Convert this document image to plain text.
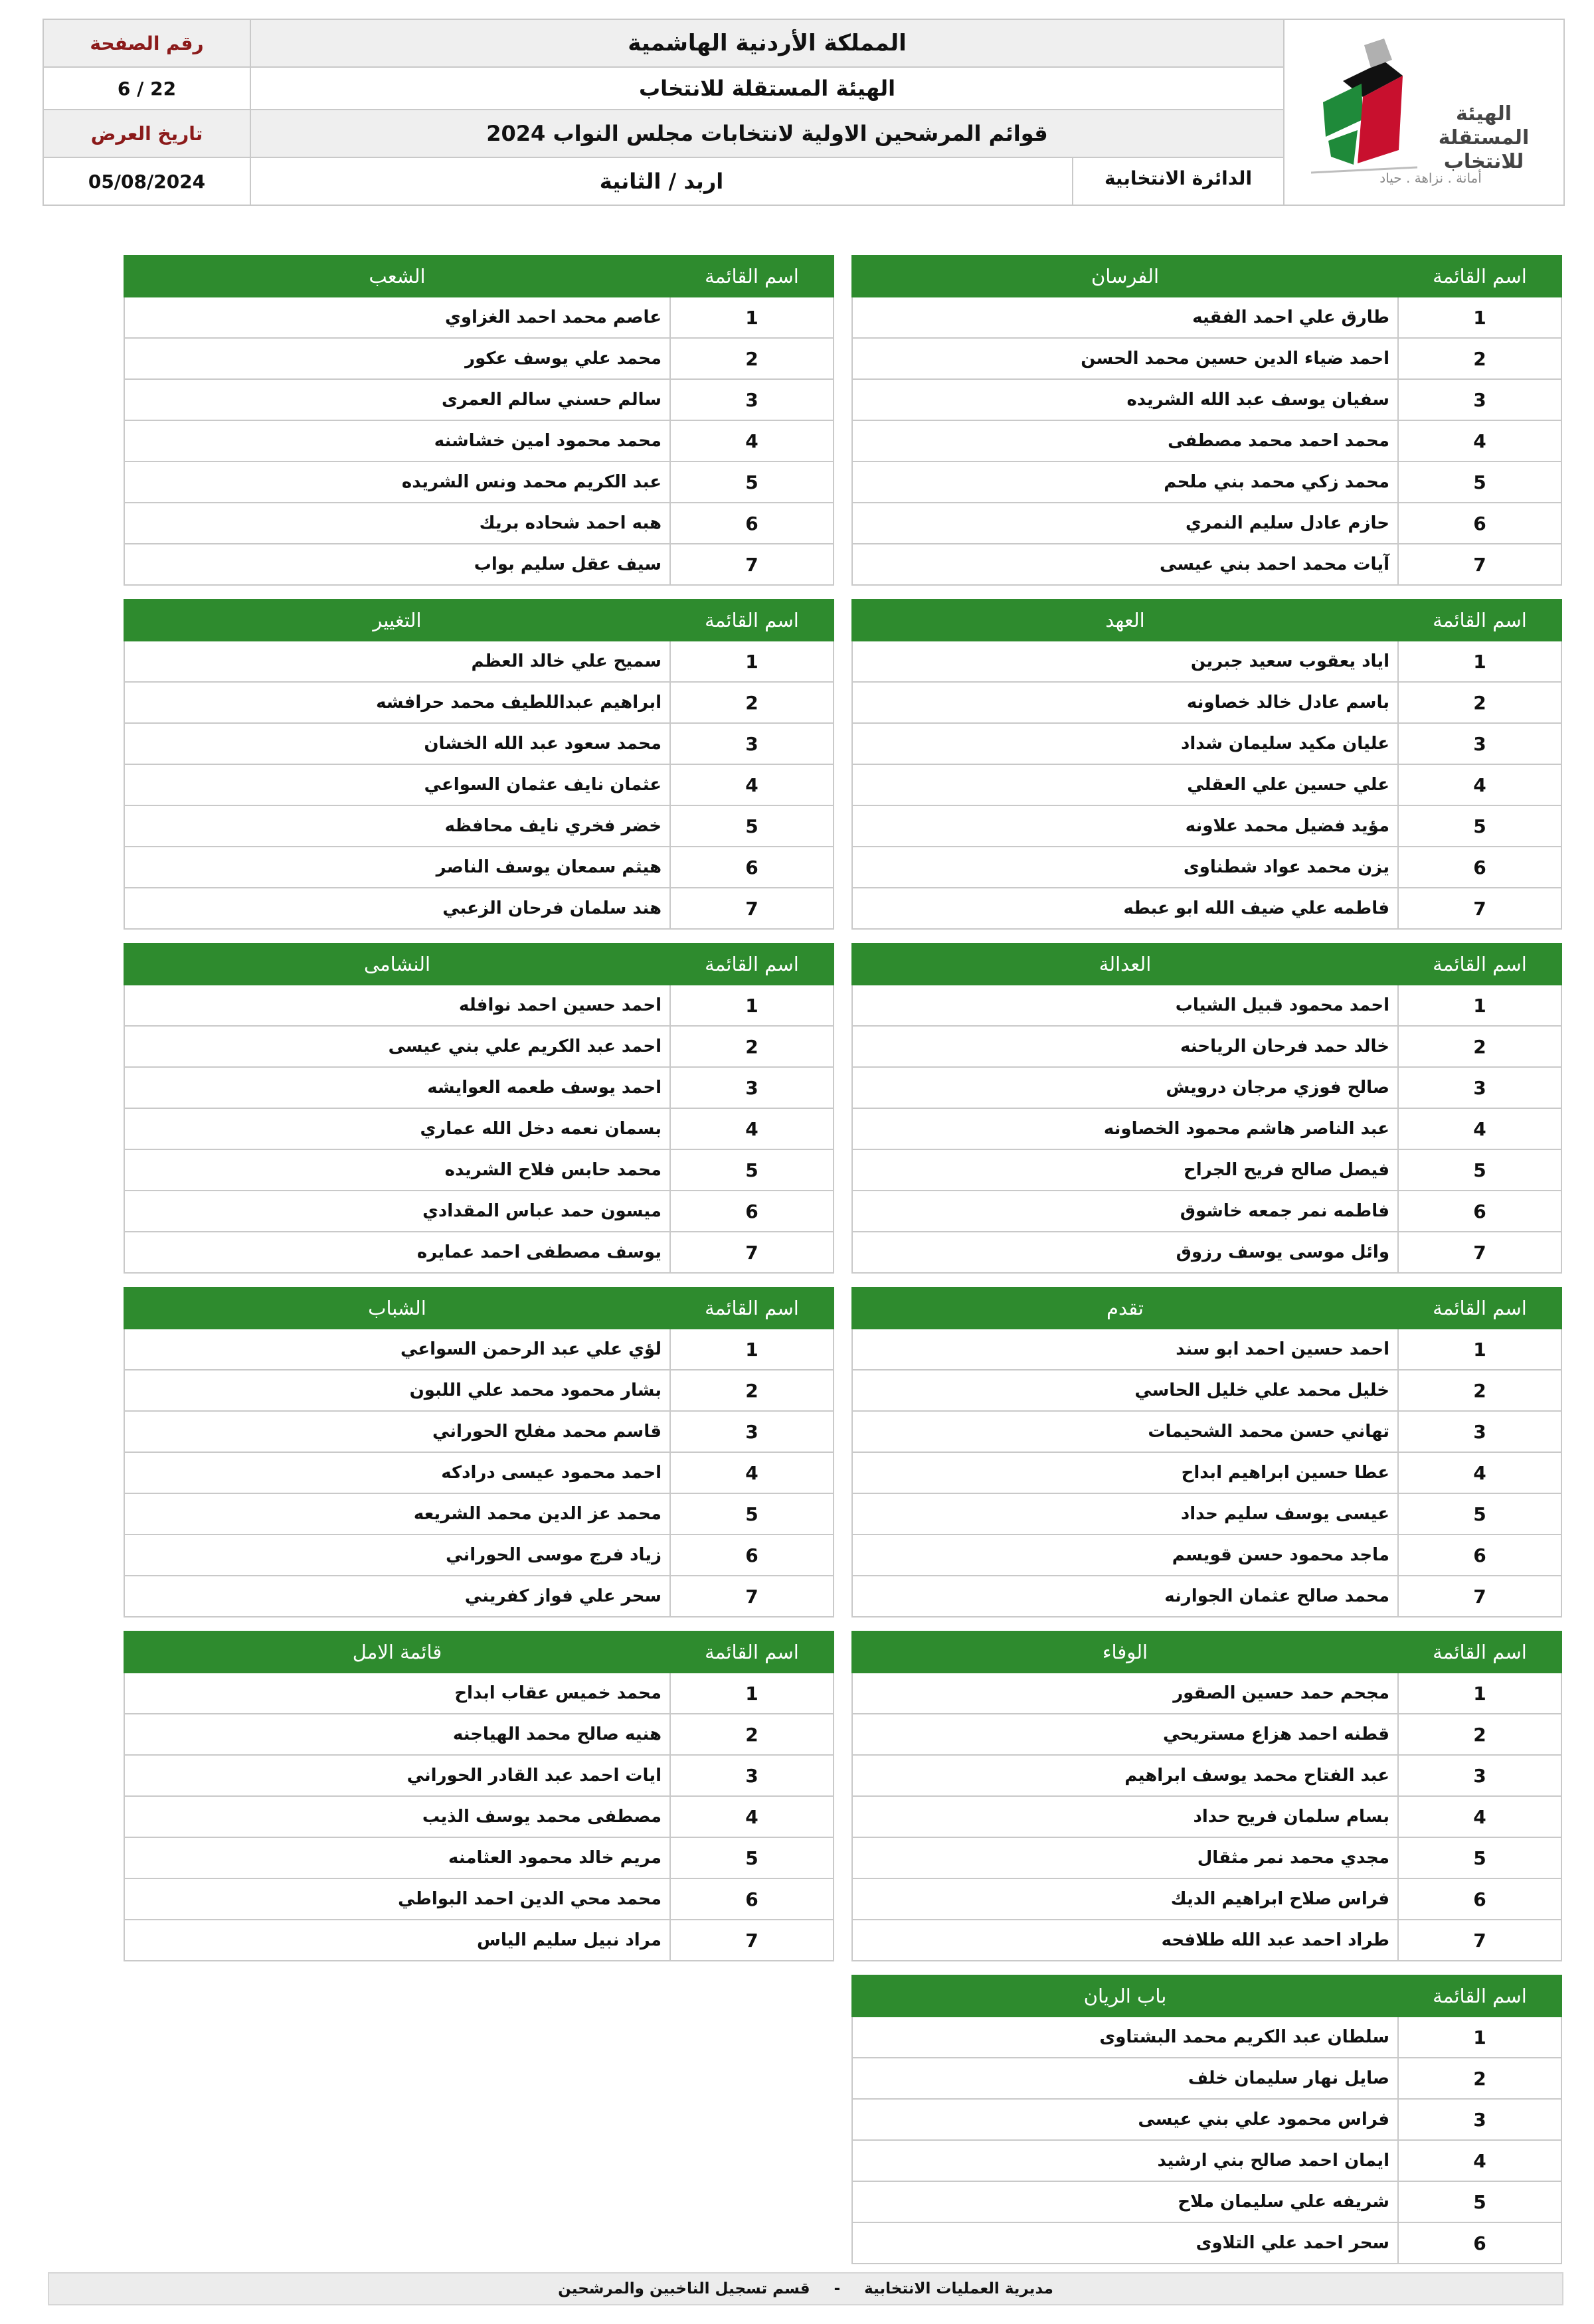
رقم الصفحة
6 / 22
تاريخ العرض
05/08/2024
المملكة الأردنية الهاشمية
الهيئة المستقلة للانتخاب
قوائم المرشحين الاولية لانتخابات مجلس النواب 2024
اربد / الثانية	الدائرة الانتخابية
الهيئة المستقلة للانتخاب
أمانة . نزاهة . حياد
اسم القائمة	الفرسان
1	طارق علي احمد الفقيه
2	احمد ضياء الدين حسين محمد الحسن
3	سفيان يوسف عبد الله الشريده
4	محمد احمد محمد مصطفى
5	محمد زكي محمد بني ملحم
6	حازم عادل سليم النمري
7	آيات محمد احمد بني عيسى
اسم القائمة	الشعب
1	عاصم محمد احمد الغزاوي
2	محمد علي يوسف عكور
3	سالم حسني سالم العمرى
4	محمد محمود امين خشاشنه
5	عبد الكريم محمد ونس الشريده
6	هبه احمد شحاده بريك
7	سيف عقل سليم بواب
اسم القائمة	العهد
1	اياد يعقوب سعيد جبرين
2	باسم عادل خالد خصاونه
3	عليان مكيد سليمان شداد
4	علي حسين علي العقلي
5	مؤيد فضيل محمد علاونه
6	يزن محمد عواد شطناوى
7	فاطمه علي ضيف الله ابو عبطه
اسم القائمة	التغيير
1	سميح علي خالد العظم
2	ابراهيم عبداللطيف محمد حرافشه
3	محمد سعود عبد الله الخشان
4	عثمان نايف عثمان السواعي
5	خضر فخري نايف محافظه
6	هيثم سمعان يوسف الناصر
7	هند سلمان فرحان الزعبي
اسم القائمة	العدالة
1	احمد محمود قبيل الشياب
2	خالد حمد فرحان الرياحنه
3	صالح فوزي مرجان درويش
4	عبد الناصر هاشم محمود الخصاونه
5	فيصل صالح فريح الجراح
6	فاطمه نمر جمعه خاشوق
7	وائل موسى يوسف رزوق
اسم القائمة	النشامى
1	احمد حسين احمد نوافله
2	احمد عبد الكريم علي بني عيسى
3	احمد يوسف طعمه العوايشه
4	بسمان نعمه دخل الله عماري
5	محمد حابس فلاح الشريده
6	ميسون حمد عباس المقدادي
7	يوسف مصطفى احمد عمايره
اسم القائمة	تقدم
1	احمد حسين احمد ابو سند
2	خليل محمد علي خليل الحاسي
3	تهاني حسن محمد الشحيمات
4	عطا حسين ابراهيم ابداح
5	عيسى يوسف سليم حداد
6	ماجد محمود حسن قويسم
7	محمد صالح عثمان الجوارنه
اسم القائمة	الشباب
1	لؤي علي عبد الرحمن السواعي
2	بشار محمود محمد علي اللبون
3	قاسم محمد مفلح الحوراني
4	احمد محمود عيسى درادكه
5	محمد عز الدين محمد الشريعه
6	زياد فرج موسى الحوراني
7	سحر علي فواز كفريني
اسم القائمة	الوفاء
1	مجحم حمد حسين الصقور
2	قطنه احمد هزاع مستريحي
3	عبد الفتاح محمد يوسف ابراهيم
4	بسام سلمان فريح حداد
5	مجدي محمد نمر مثقال
6	فراس صلاح ابراهيم الديك
7	طراد احمد عبد الله طلافحه
اسم القائمة	قائمة الامل
1	محمد خميس عقاب ابداح
2	هنيه صالح محمد الهياجنه
3	ايات احمد عبد القادر الحوراني
4	مصطفى محمد يوسف الذيب
5	مريم خالد محمود العثامنه
6	محمد محي الدين احمد البواطي
7	مراد نبيل سليم الياس
اسم القائمة	باب الريان
1	سلطان عبد الكريم محمد البشتاوى
2	صايل نهار سليمان خلف
3	فراس محمود علي بني عيسى
4	ايمان احمد صالح بني ارشيد
5	شريفه علي سليمان ملاح
6	سحر احمد علي التلاوى
مديرية العمليات الانتخابية
-
قسم تسجيل الناخبين والمرشحين
